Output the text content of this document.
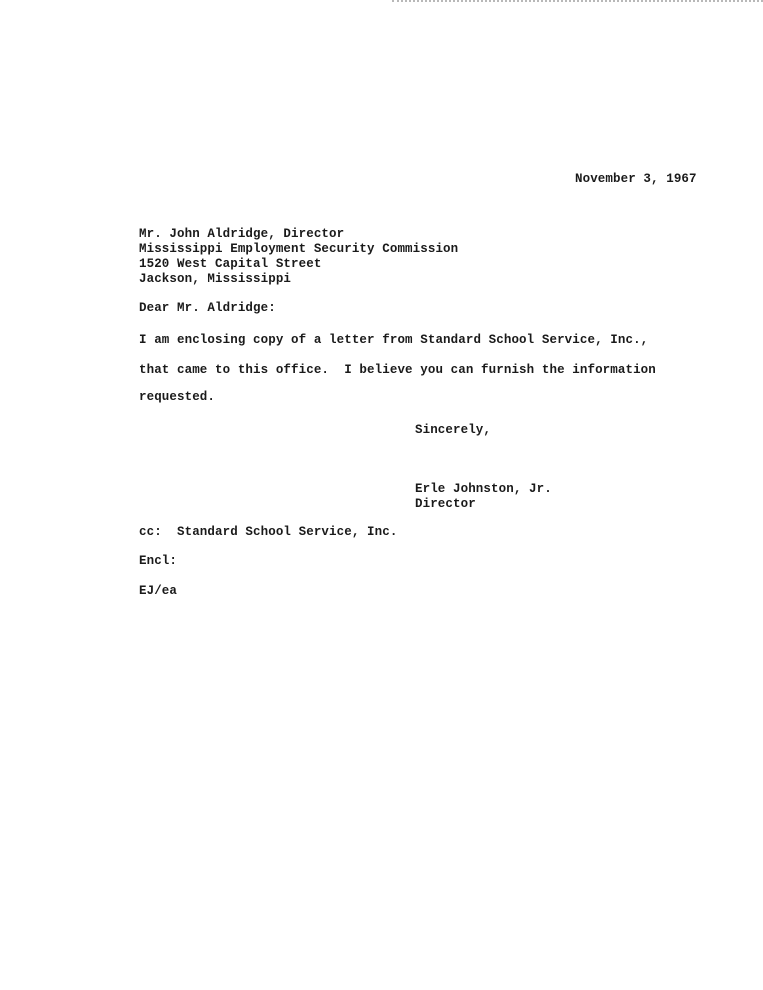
November 3, 1967
Mr. John Aldridge, Director
Mississippi Employment Security Commission
1520 West Capital Street
Jackson, Mississippi
Dear Mr. Aldridge:
I am enclosing copy of a letter from Standard School Service, Inc.,
that came to this office.  I believe you can furnish the information
requested.
Sincerely,
Erle Johnston, Jr.
Director
cc:  Standard School Service, Inc.
Encl:
EJ/ea
